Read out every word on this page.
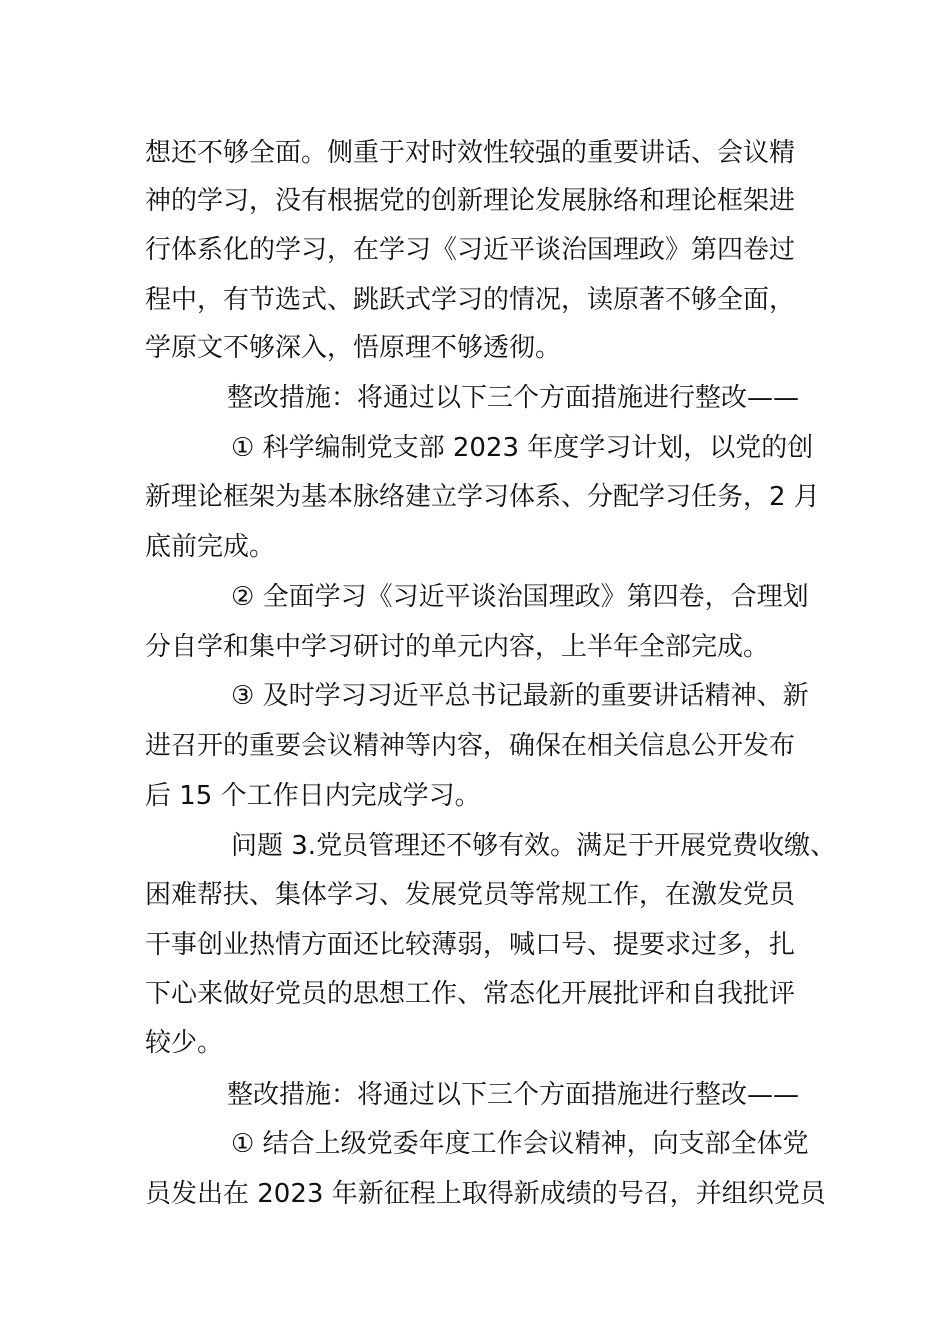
想还不够全面。侧重于对时效性较强的重要讲话、会议精
神的学习，没有根据党的创新理论发展脉络和理论框架进
行体系化的学习，在学习《习近平谈治国理政》第四卷过
程中，有节选式、跳跃式学习的情况，读原著不够全面，
学原文不够深入，悟原理不够透彻。
整改措施：将通过以下三个方面措施进行整改——
① 科学编制党支部 2023 年度学习计划，以党的创
新理论框架为基本脉络建立学习体系、分配学习任务，2 月
底前完成。
② 全面学习《习近平谈治国理政》第四卷，合理划
分自学和集中学习研讨的单元内容，上半年全部完成。
③ 及时学习习近平总书记最新的重要讲话精神、新
进召开的重要会议精神等内容，确保在相关信息公开发布
后 15 个工作日内完成学习。
问题 3.党员管理还不够有效。满足于开展党费收缴、
困难帮扶、集体学习、发展党员等常规工作，在激发党员
干事创业热情方面还比较薄弱，喊口号、提要求过多，扎
下心来做好党员的思想工作、常态化开展批评和自我批评
较少。
整改措施：将通过以下三个方面措施进行整改——
① 结合上级党委年度工作会议精神，向支部全体党
员发出在 2023 年新征程上取得新成绩的号召，并组织党员
